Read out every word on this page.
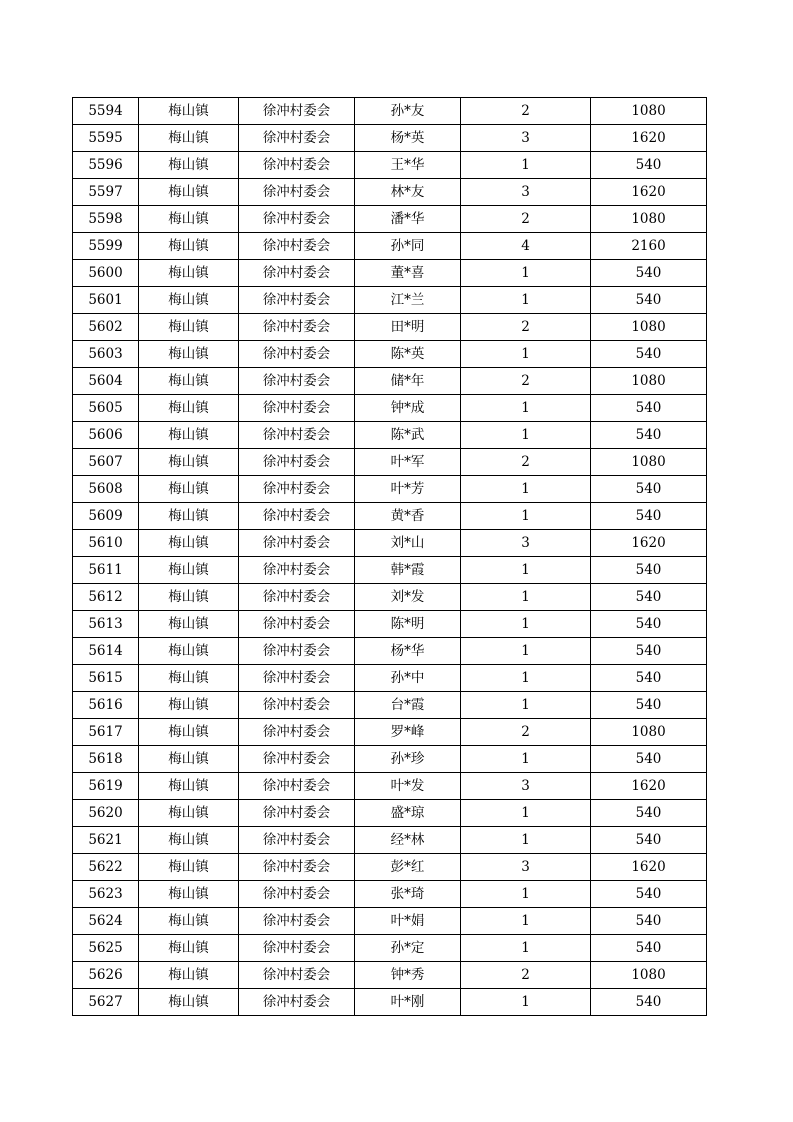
5594	梅山镇	徐冲村委会	孙*友	2	1080
5595	梅山镇	徐冲村委会	杨*英	3	1620
5596	梅山镇	徐冲村委会	王*华	1	540
5597	梅山镇	徐冲村委会	林*友	3	1620
5598	梅山镇	徐冲村委会	潘*华	2	1080
5599	梅山镇	徐冲村委会	孙*同	4	2160
5600	梅山镇	徐冲村委会	董*喜	1	540
5601	梅山镇	徐冲村委会	江*兰	1	540
5602	梅山镇	徐冲村委会	田*明	2	1080
5603	梅山镇	徐冲村委会	陈*英	1	540
5604	梅山镇	徐冲村委会	储*年	2	1080
5605	梅山镇	徐冲村委会	钟*成	1	540
5606	梅山镇	徐冲村委会	陈*武	1	540
5607	梅山镇	徐冲村委会	叶*军	2	1080
5608	梅山镇	徐冲村委会	叶*芳	1	540
5609	梅山镇	徐冲村委会	黄*香	1	540
5610	梅山镇	徐冲村委会	刘*山	3	1620
5611	梅山镇	徐冲村委会	韩*霞	1	540
5612	梅山镇	徐冲村委会	刘*发	1	540
5613	梅山镇	徐冲村委会	陈*明	1	540
5614	梅山镇	徐冲村委会	杨*华	1	540
5615	梅山镇	徐冲村委会	孙*中	1	540
5616	梅山镇	徐冲村委会	台*霞	1	540
5617	梅山镇	徐冲村委会	罗*峰	2	1080
5618	梅山镇	徐冲村委会	孙*珍	1	540
5619	梅山镇	徐冲村委会	叶*发	3	1620
5620	梅山镇	徐冲村委会	盛*琼	1	540
5621	梅山镇	徐冲村委会	经*林	1	540
5622	梅山镇	徐冲村委会	彭*红	3	1620
5623	梅山镇	徐冲村委会	张*琦	1	540
5624	梅山镇	徐冲村委会	叶*娟	1	540
5625	梅山镇	徐冲村委会	孙*定	1	540
5626	梅山镇	徐冲村委会	钟*秀	2	1080
5627	梅山镇	徐冲村委会	叶*刚	1	540
